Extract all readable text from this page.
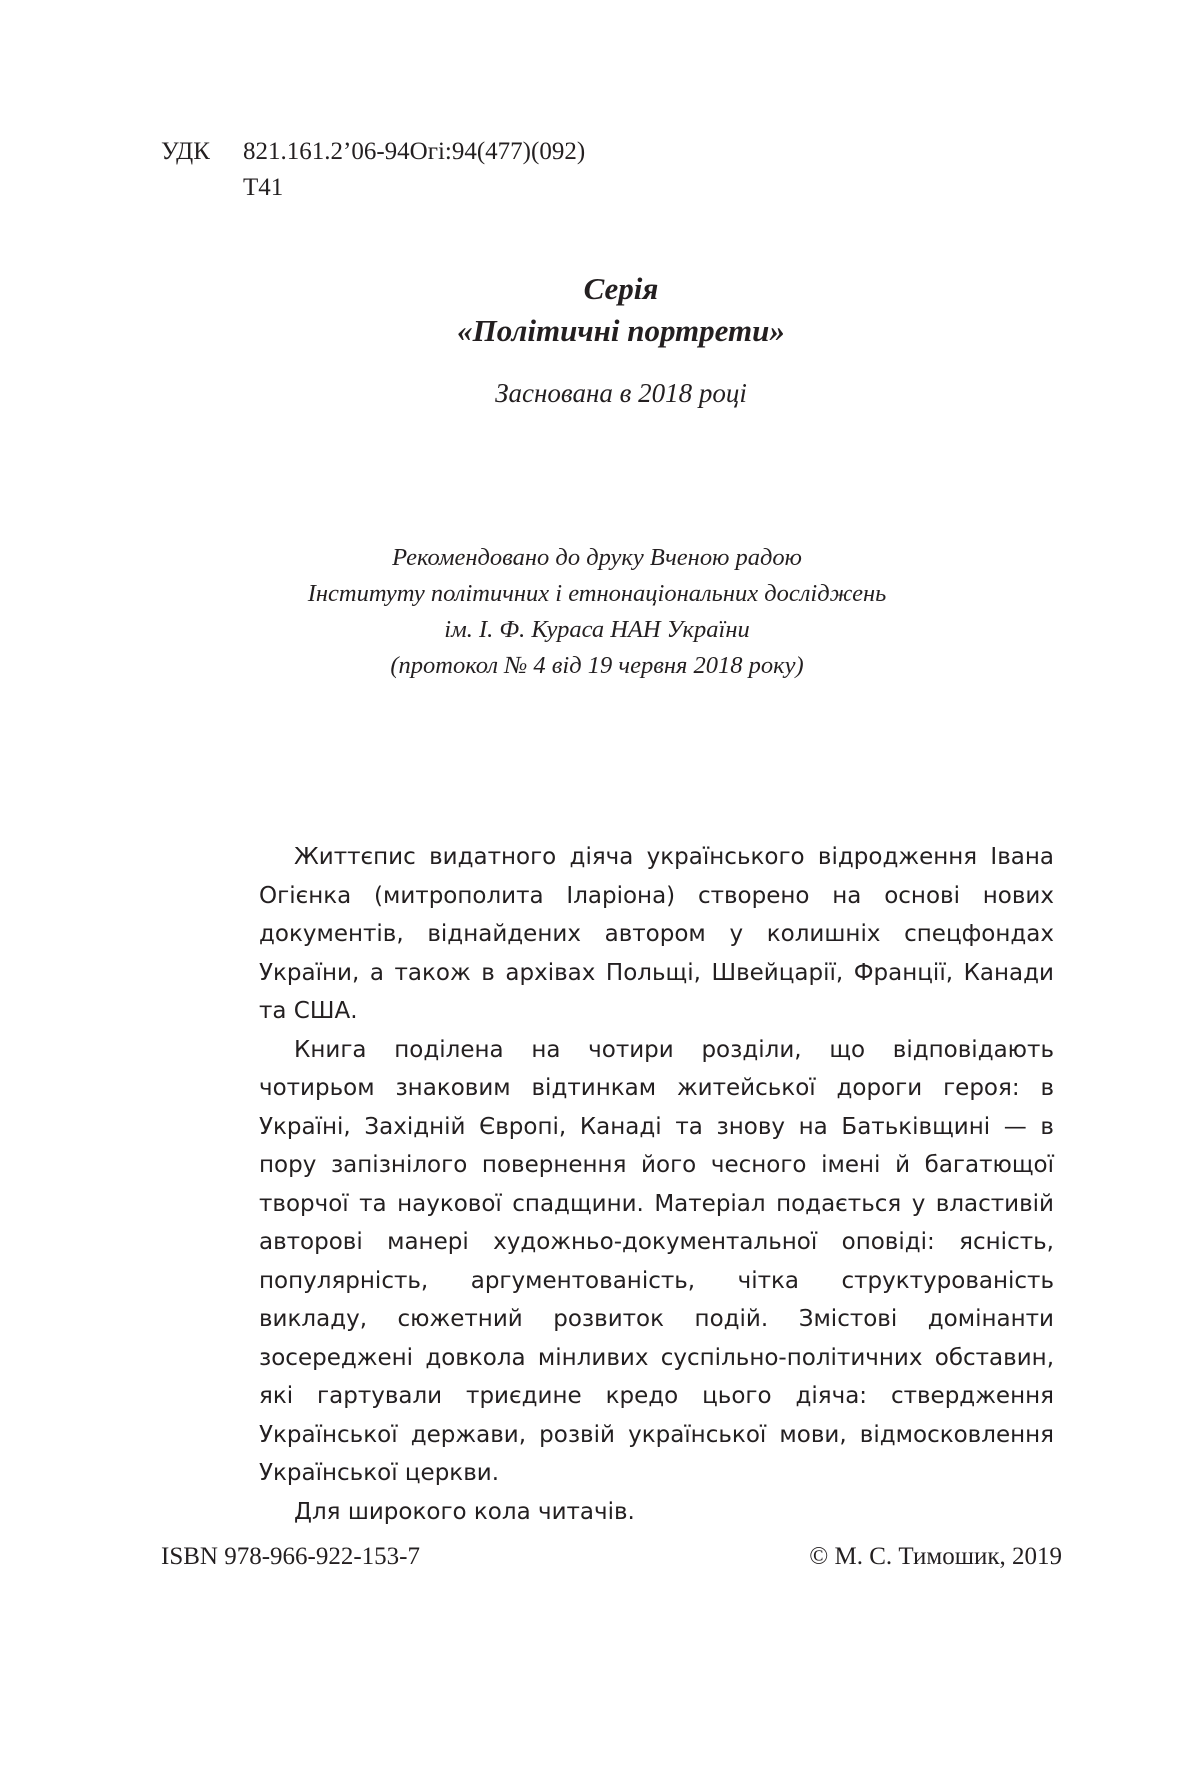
УДК	821.161.2’06-94Огі:94(477)(092)
Т41
Серія
«Політичні портрети»
Заснована в 2018 році
Рекомендовано до друку Вченою радою
Інституту політичних і етнонаціональних досліджень
ім. І. Ф. Кураса НАН України
(протокол № 4 від 19 червня 2018 року)

Життєпис видатного діяча українського відродження Івана Огієнка (митрополита Іларіона) створено на основі нових документів, віднайдених автором у колишніх спецфондах України, а також в архівах Польщі, Швейцарії, Франції, Канади та США.

Книга поділена на чотири розділи, що відповідають чотирьом знаковим відтинкам житейської дороги героя: в Україні, Західній Європі, Канаді та знову на Батьківщині — в пору запізнілого повернення його чесного імені й багатющої творчої та наукової спадщини. Матеріал подається у властивій авторові манері художньо-документальної оповіді: ясність, популярність, аргументованість, чітка структурованість викладу, сюжетний розвиток подій. Змістові домінанти зосереджені довкола мінливих суспільно-політичних обставин, які гартували триєдине кредо цього діяча: ствердження Української держави, розвій української мови, відмосковлення Української церкви.

Для широкого кола читачів.

ISBN 978-966-922-153-7	© М. С. Тимошик, 2019
